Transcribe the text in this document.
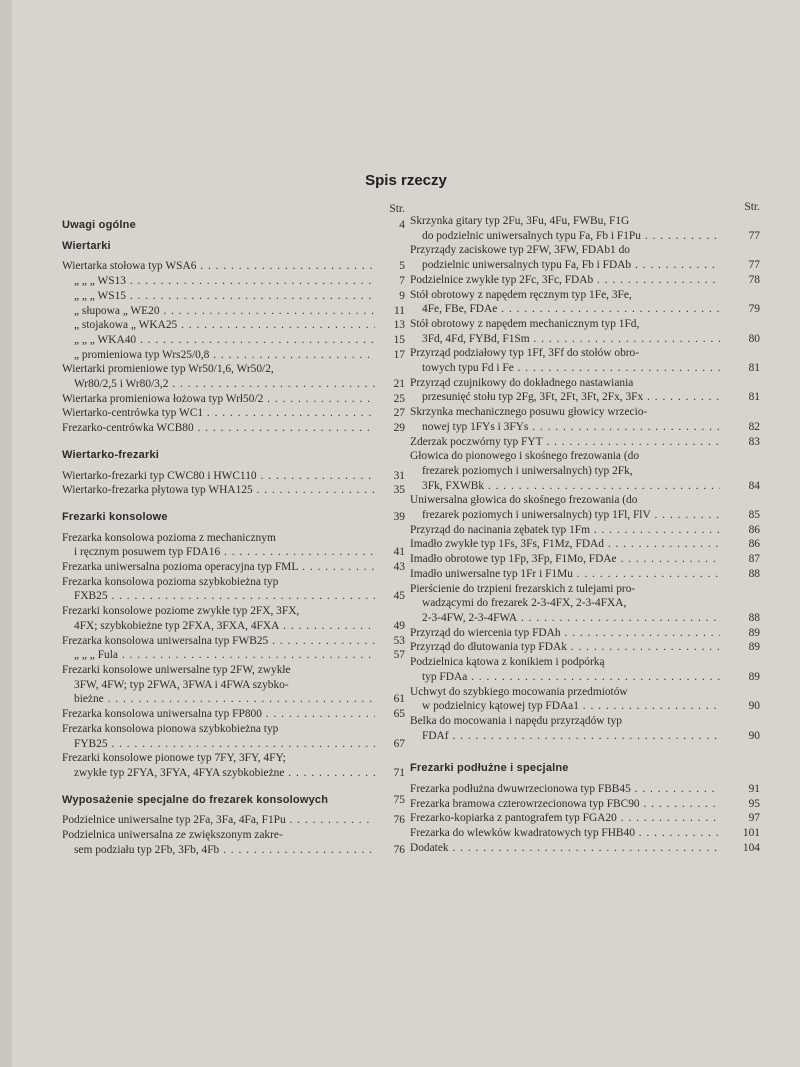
Spis rzeczy
Str.
Uwagi ogólne	4
Wiertarki
Wiertarka stołowa typ WSA6 . . .	5
„ „ „ WS13 . . .	7
„ „ „ WS15 . . .	9
„ słupowa „ WE20 . . .	11
„ stojakowa „ WKA25 . . .	13
„ „ „ WKA40 . . .	15
„ promieniowa typ Wrs25/0,8 . . .	17
Wiertarki promieniowe typ Wr50/1,6, Wr50/2,
Wr80/2,5 i Wr80/3,2 . . .	21
Wiertarka promieniowa łożowa typ Wrł50/2 . . .	25
Wiertarko-centrówka typ WC1 . . .	27
Frezarko-centrówka WCB80 . . .	29
Wiertarko-frezarki
Wiertarko-frezarki typ CWC80 i HWC110 . . .	31
Wiertarko-frezarka płytowa typ WHA125 . . .	35
Frezarki konsolowe	39
Frezarka konsolowa pozioma z mechanicznym
i ręcznym posuwem typ FDA16 . . .	41
Frezarka uniwersalna pozioma operacyjna typ FML . . .	43
Frezarka konsolowa pozioma szybkobieżna typ
FXB25 . . .	45
Frezarki konsolowe poziome zwykłe typ 2FX, 3FX,
4FX; szybkobieżne typ 2FXA, 3FXA, 4FXA . . .	49
Frezarka konsolowa uniwersalna typ FWB25 . . .	53
„ „ „ Fula . . .	57
Frezarki konsolowe uniwersalne typ 2FW, zwykłe
3FW, 4FW; typ 2FWA, 3FWA i 4FWA szybko-
bieżne . . .	61
Frezarka konsolowa uniwersalna typ FP800 . . .	65
Frezarka konsolowa pionowa szybkobieżna typ
FYB25 . . .	67
Frezarki konsolowe pionowe typ 7FY, 3FY, 4FY;
zwykłe typ 2FYA, 3FYA, 4FYA szybkobieżne . . .	71
Wyposażenie specjalne do frezarek konsolowych	75
Podzielnice uniwersalne typ 2Fa, 3Fa, 4Fa, F1Pu . . .	76
Podzielnica uniwersalna ze zwiększonym zakre-
sem podziału typ 2Fb, 3Fb, 4Fb . . .	76
Str.
Skrzynka gitary typ 2Fu, 3Fu, 4Fu, FWBu, F1G
do podzielnic uniwersalnych typu Fa, Fb i F1Pu . . .	77
Przyrządy zaciskowe typ 2FW, 3FW, FDAb1 do
podzielnic uniwersalnych typu Fa, Fb i FDAb . . .	77
Podzielnice zwykłe typ 2Fc, 3Fc, FDAb . . .	78
Stół obrotowy z napędem ręcznym typ 1Fe, 3Fe,
4Fe, FBe, FDAe . . .	79
Stół obrotowy z napędem mechanicznym typ 1Fd,
3Fd, 4Fd, FYBd, F1Sm . . .	80
Przyrząd podziałowy typ 1Ff, 3Ff do stołów obro-
towych typu Fd i Fe . . .	81
Przyrząd czujnikowy do dokładnego nastawiania
przesunięć stołu typ 2Fg, 3Ft, 2Ft, 3Ft, 2Fx, 3Fx . . .	81
Skrzynka mechanicznego posuwu głowicy wrzecio-
nowej typ 1FYs i 3FYs . . .	82
Zderzak poczwórny typ FYT . . .	83
Głowica do pionowego i skośnego frezowania (do
frezarek poziomych i uniwersalnych) typ 2Fk,
3Fk, FXWBk . . .	84
Uniwersalna głowica do skośnego frezowania (do
frezarek poziomych i uniwersalnych) typ 1Fl, FlV . . .	85
Przyrząd do nacinania zębatek typ 1Fm . . .	86
Imadło zwykłe typ 1Fs, 3Fs, F1Mz, FDAd . . .	86
Imadło obrotowe typ 1Fp, 3Fp, F1Mo, FDAe . . .	87
Imadło uniwersalne typ 1Fr i F1Mu . . .	88
Pierścienie do trzpieni frezarskich z tulejami pro-
wadzącymi do frezarek 2-3-4FX, 2-3-4FXA,
2-3-4FW, 2-3-4FWA . . .	88
Przyrząd do wiercenia typ FDAh . . .	89
Przyrząd do dłutowania typ FDAk . . .	89
Podzielnica kątowa z konikiem i podpórką
typ FDAa . . .	89
Uchwyt do szybkiego mocowania przedmiotów
w podzielnicy kątowej typ FDAa1 . . .	90
Belka do mocowania i napędu przyrządów typ
FDAf . . .	90
Frezarki podłużne i specjalne
Frezarka podłużna dwuwrzecionowa typ FBB45 . . .	91
Frezarka bramowa czterowrzecionowa typ FBC90 . . .	95
Frezarko-kopiarka z pantografem typ FGA20 . . .	97
Frezarka do wlewków kwadratowych typ FHB40 . . .	101
Dodatek . . .	104
